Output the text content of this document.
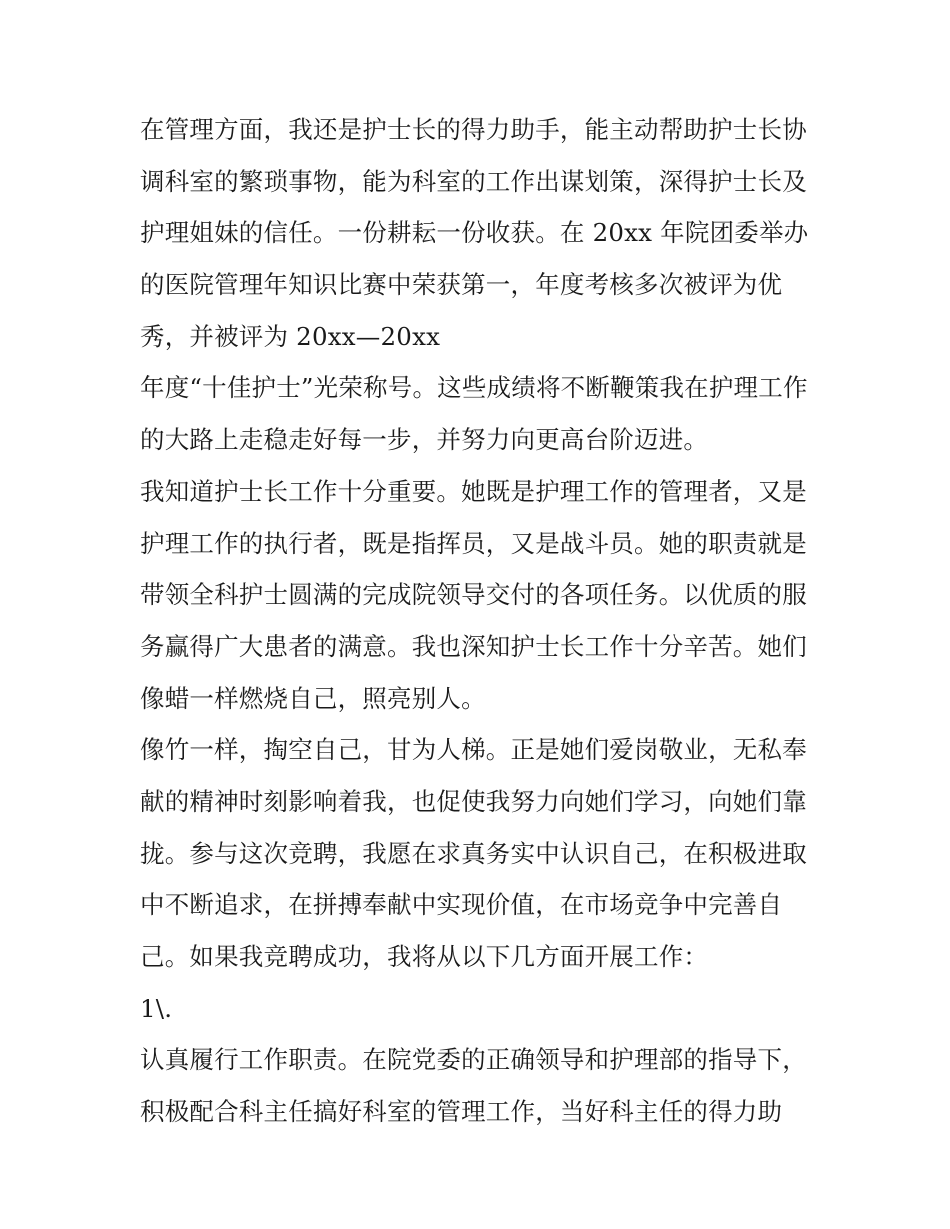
在管理方面，我还是护士长的得力助手，能主动帮助护士长协
调科室的繁琐事物，能为科室的工作出谋划策，深得护士长及
护理姐妹的信任。一份耕耘一份收获。在 20xx 年院团委举办
的医院管理年知识比赛中荣获第一，年度考核多次被评为优
秀，并被评为 20xx—20xx
年度“十佳护士”光荣称号。这些成绩将不断鞭策我在护理工作
的大路上走稳走好每一步，并努力向更高台阶迈进。
我知道护士长工作十分重要。她既是护理工作的管理者，又是
护理工作的执行者，既是指挥员，又是战斗员。她的职责就是
带领全科护士圆满的完成院领导交付的各项任务。以优质的服
务赢得广大患者的满意。我也深知护士长工作十分辛苦。她们
像蜡一样燃烧自己，照亮别人。
像竹一样，掏空自己，甘为人梯。正是她们爱岗敬业，无私奉
献的精神时刻影响着我，也促使我努力向她们学习，向她们靠
拢。参与这次竞聘，我愿在求真务实中认识自己，在积极进取
中不断追求，在拼搏奉献中实现价值，在市场竞争中完善自
己。如果我竞聘成功，我将从以下几方面开展工作：
1\.
认真履行工作职责。在院党委的正确领导和护理部的指导下，
积极配合科主任搞好科室的管理工作，当好科主任的得力助
